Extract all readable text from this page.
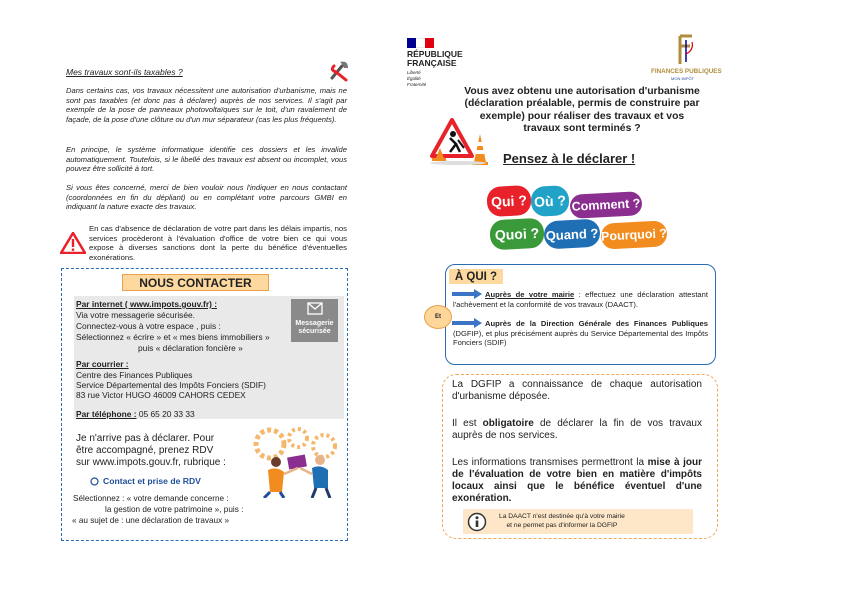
Mes travaux sont-ils taxables ?
Dans certains cas, vos travaux nécessitent une autorisation d'urbanisme, mais ne sont pas taxables (et donc pas à déclarer) auprès de nos services. Il s'agit par exemple de la pose de panneaux photovoltaïques sur le toit, d'un ravalement de façade, de la pose d'une clôture ou d'un mur séparateur (cas les plus fréquents).
En principe, le système informatique identifie ces dossiers et les invalide automatiquement. Toutefois, si le libellé des travaux est absent ou incomplet, vous pouvez être sollicité à tort.
Si vous êtes concerné, merci de bien vouloir nous l'indiquer en nous contactant (coordonnées en fin du dépliant) ou en complétant votre parcours GMBI en indiquant la nature exacte des travaux.
En cas d'absence de déclaration de votre part dans les délais impartis, nos services procèderont à l'évaluation d'office de votre bien ce qui vous expose à diverses sanctions dont la perte du bénéfice d'éventuelles exonérations.
NOUS CONTACTER
Par internet ( www.impots.gouv.fr) :
Via votre messagerie sécurisée.
Connectez-vous à votre espace , puis :
Sélectionnez « écrire » et « mes biens immobiliers »
puis « déclaration foncière »
Messagerie
sécurisée
Par courrier :
Centre des Finances Publiques
Service Départemental des Impôts Fonciers (SDIF)
83 rue Victor HUGO 46009 CAHORS CEDEX
Par téléphone : 05 65 20 33 33
Je n'arrive pas à déclarer. Pour
être accompagné, prenez RDV
sur www.impots.gouv.fr, rubrique :
Contact et prise de RDV
Sélectionnez : « votre demande concerne :
la gestion de votre patrimoine », puis :
« au sujet de : une déclaration de travaux »
RÉPUBLIQUE
FRANÇAISE
Liberté
Égalité
Fraternité
FINANCES PUBLIQUES
MON IMPÔT
Vous avez obtenu une autorisation d'urbanisme
(déclaration préalable, permis de construire par
exemple) pour réaliser des travaux et vos
travaux sont terminés ?
Pensez à le déclarer !
Qui ? Où ? Comment ?
Quoi ? Quand ? Pourquoi ?
À QUI ?
Et
Auprès de votre mairie : effectuez une déclaration attestant l'achèvement et la conformité de vos travaux (DAACT).
Auprès de la Direction Générale des Finances Publiques (DGFIP), et plus précisément auprès du Service Départemental des Impôts Fonciers (SDIF)
La DGFIP a connaissance de chaque autorisation d'urbanisme déposée.
Il est obligatoire de déclarer la fin de vos travaux auprès de nos services.
Les informations transmises permettront la mise à jour de l'évaluation de votre bien en matière d'impôts locaux ainsi que le bénéfice éventuel d'une exonération.
La DAACT n'est destinée qu'à votre mairie
et ne permet pas d'informer la DGFIP
